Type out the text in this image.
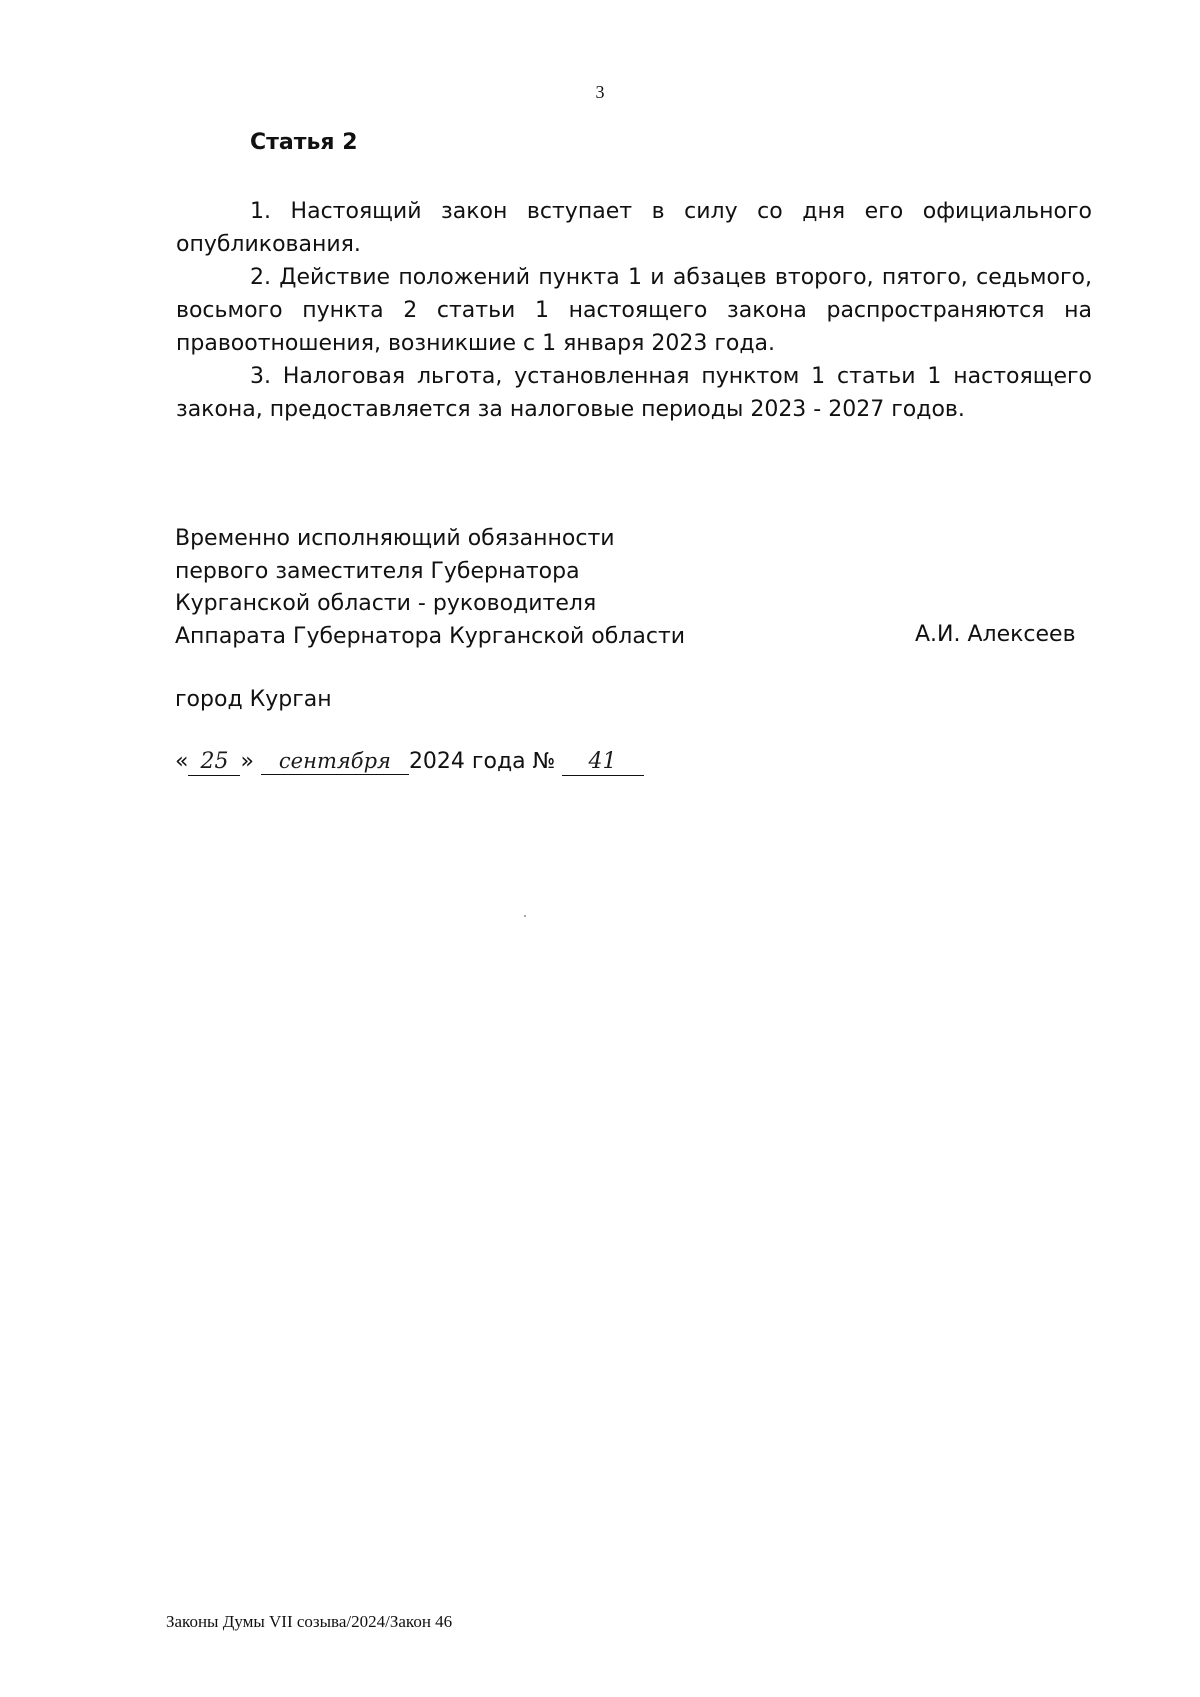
3
Статья 2

1. Настоящий закон вступает в силу со дня его официального опубликования.

2. Действие положений пункта 1 и абзацев второго, пятого, седьмого, восьмого пункта 2 статьи 1 настоящего закона распространяются на правоотношения, возникшие с 1 января 2023 года.

3. Налоговая льгота, установленная пунктом 1 статьи 1 настоящего закона, предоставляется за налоговые периоды 2023 - 2027 годов.

Временно исполняющий обязанности
первого заместителя Губернатора
Курганской области - руководителя
Аппарата Губернатора Курганской области	А.И. Алексеев
город Курган
« 25 » сентября 2024 года № 41
Законы Думы VII созыва/2024/Закон 46
